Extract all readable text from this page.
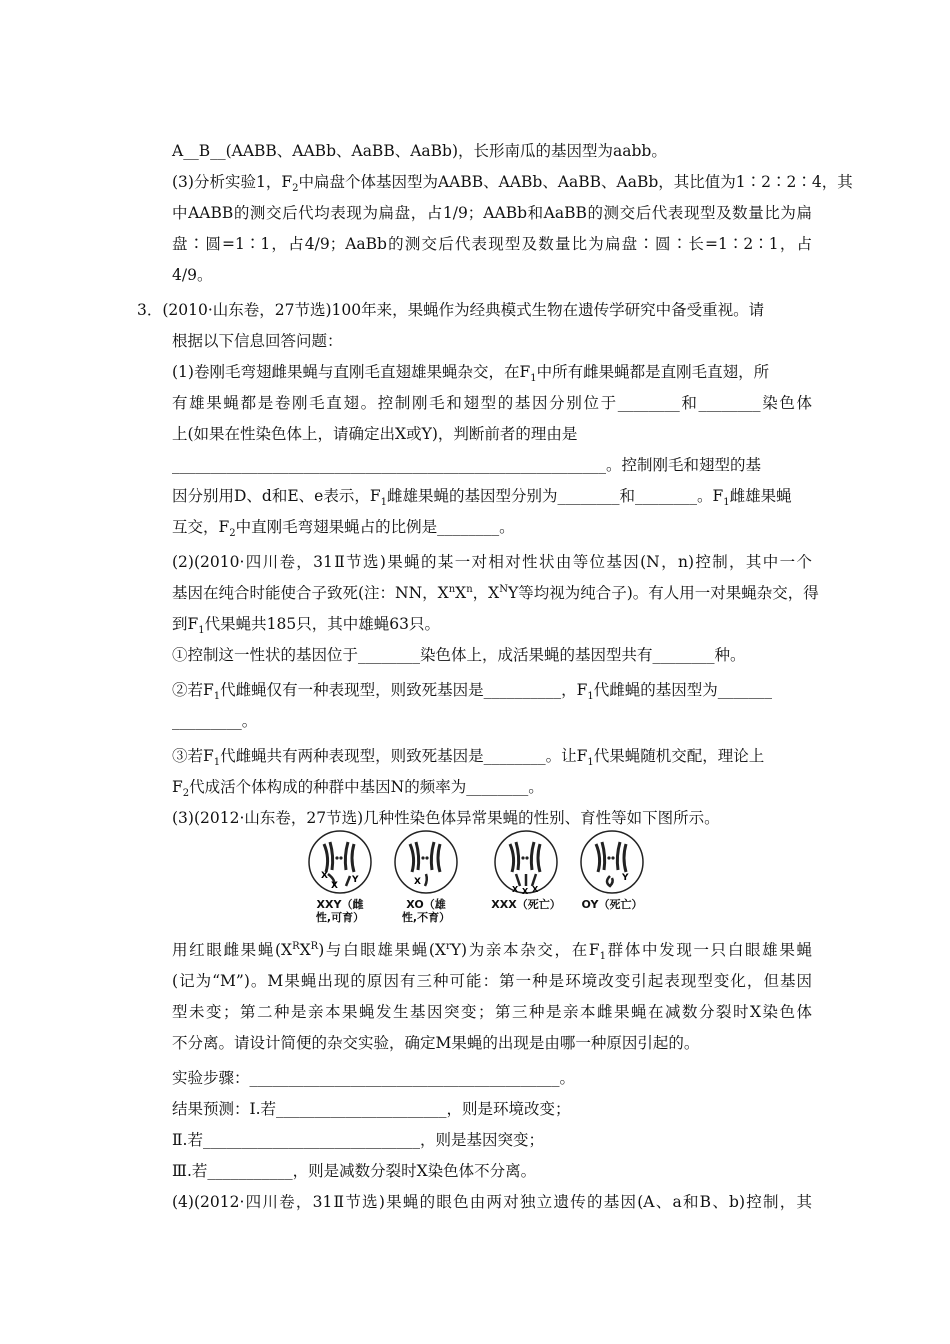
A__B__(AABB、AABb、AaBB、AaBb)，长形南瓜的基因型为aabb。
(3)分析实验1，$F_2$中扁盘个体基因型为AABB、AABb、AaBB、AaBb，其比值为1∶2∶2∶4，其
中AABB的测交后代均表现为扁盘，占1/9；AABb和AaBB的测交后代表现型及数量比为扁
盘∶圆=1∶1，占4/9；AaBb的测交后代表现型及数量比为扁盘∶圆∶长=1∶2∶1，占
4/9。
3．(2010·山东卷，27节选)100年来，果蝇作为经典模式生物在遗传学研究中备受重视。请
根据以下信息回答问题：
(1)卷刚毛弯翅雌果蝇与直刚毛直翅雄果蝇杂交，在$F_1$中所有雌果蝇都是直刚毛直翅，所
有雄果蝇都是卷刚毛直翅。控制刚毛和翅型的基因分别位于________和________染色体
上(如果在性染色体上，请确定出X或Y)，判断前者的理由是
________________________________________________________。控制刚毛和翅型的基
因分别用D、d和E、e表示，$F_1$雌雄果蝇的基因型分别为________和________。$F_1$雌雄果蝇
互交，$F_2$中直刚毛弯翅果蝇占的比例是________。
(2)(2010·四川卷，31Ⅱ节选)果蝇的某一对相对性状由等位基因(N，n)控制，其中一个
基因在纯合时能使合子致死(注：NN，$X^nX^n$，$X^NY$等均视为纯合子)。有人用一对果蝇杂交，得
到$F_1$代果蝇共185只，其中雄蝇63只。
①控制这一性状的基因位于________染色体上，成活果蝇的基因型共有________种。
②若$F_1$代雌蝇仅有一种表现型，则致死基因是__________，$F_1$代雌蝇的基因型为_______
_________。
③若$F_1$代雌蝇共有两种表现型，则致死基因是________。让$F_1$代果蝇随机交配，理论上
$F_2$代成活个体构成的种群中基因N的频率为________。
(3)(2012·山东卷，27节选)几种性染色体异常果蝇的性别、育性等如下图所示。
X
X
Y
XXY（雌
性,可育）
X
XO（雄
性,不育）
X X X
XXX（死亡）
Y
OY（死亡）
用红眼雌果蝇$(X^RX^R)$与白眼雄果蝇$(X^rY)$为亲本杂交，在$F_1$群体中发现一只白眼雄果蝇
(记为“M”)。M果蝇出现的原因有三种可能：第一种是环境改变引起表现型变化，但基因
型未变；第二种是亲本果蝇发生基因突变；第三种是亲本雌果蝇在减数分裂时X染色体
不分离。请设计简便的杂交实验，确定M果蝇的出现是由哪一种原因引起的。
实验步骤：________________________________________。
结果预测：Ⅰ.若______________________，则是环境改变；
Ⅱ.若____________________________，则是基因突变；
Ⅲ.若___________，则是减数分裂时X染色体不分离。
(4)(2012·四川卷，31Ⅱ节选)果蝇的眼色由两对独立遗传的基因(A、a和B、b)控制，其
